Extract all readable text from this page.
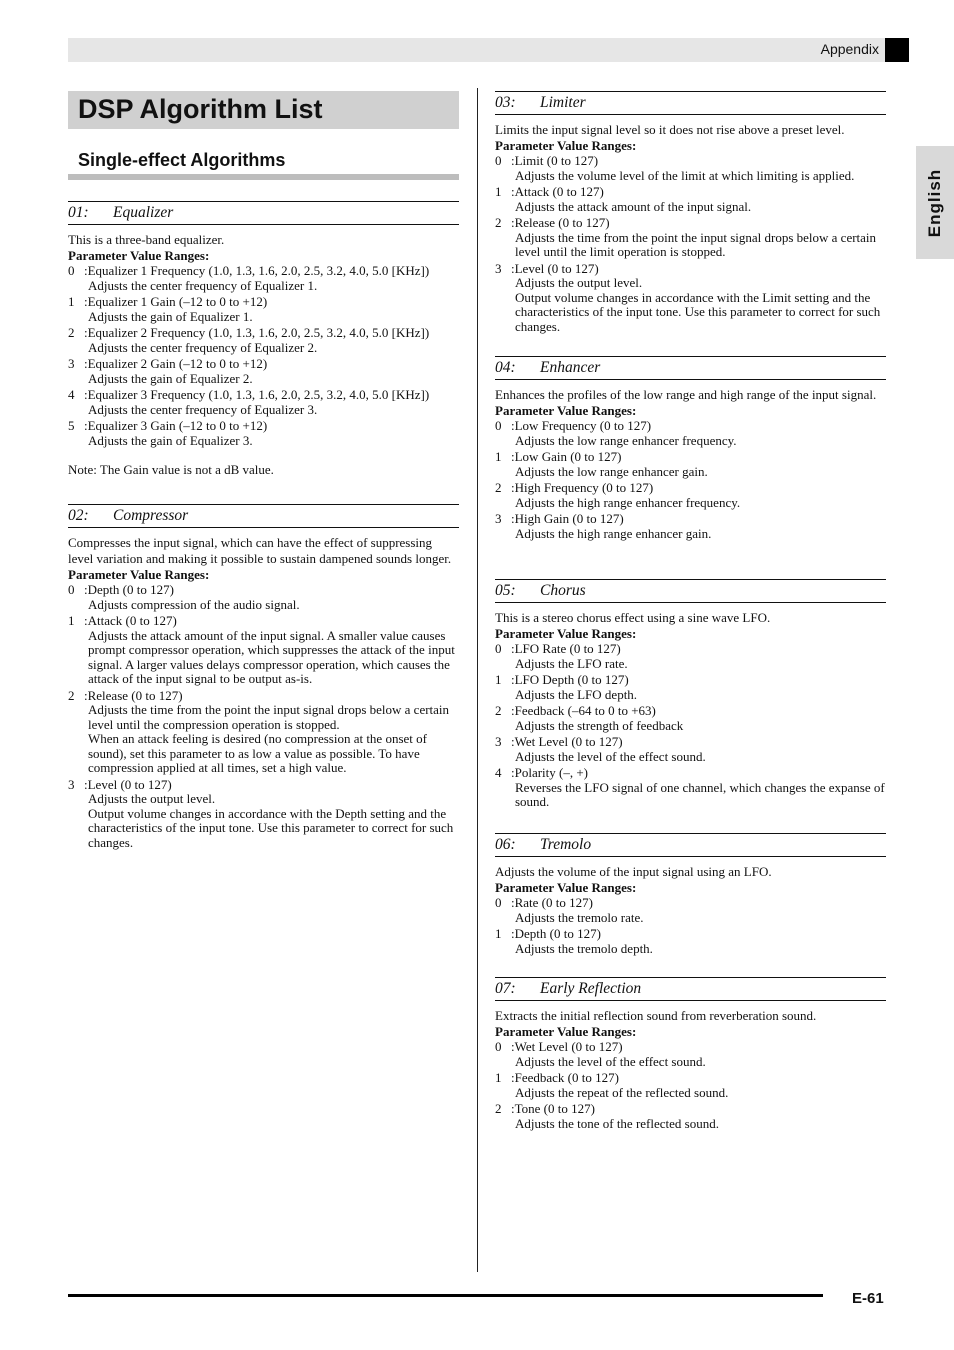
Appendix
English
DSP Algorithm List
Single-effect Algorithms
01: Equalizer
This is a three-band equalizer.
Parameter Value Ranges:
0 :Equalizer 1 Frequency (1.0, 1.3, 1.6, 2.0, 2.5, 3.2, 4.0, 5.0 [KHz])
Adjusts the center frequency of Equalizer 1.
1 :Equalizer 1 Gain (–12 to 0 to +12)
Adjusts the gain of Equalizer 1.
2 :Equalizer 2 Frequency (1.0, 1.3, 1.6, 2.0, 2.5, 3.2, 4.0, 5.0 [KHz])
Adjusts the center frequency of Equalizer 2.
3 :Equalizer 2 Gain (–12 to 0 to +12)
Adjusts the gain of Equalizer 2.
4 :Equalizer 3 Frequency (1.0, 1.3, 1.6, 2.0, 2.5, 3.2, 4.0, 5.0 [KHz])
Adjusts the center frequency of Equalizer 3.
5 :Equalizer 3 Gain (–12 to 0 to +12)
Adjusts the gain of Equalizer 3.
Note: The Gain value is not a dB value.
02: Compressor
Compresses the input signal, which can have the effect of suppressing level variation and making it possible to sustain dampened sounds longer.
Parameter Value Ranges:
0 :Depth (0 to 127)
Adjusts compression of the audio signal.
1 :Attack (0 to 127)
Adjusts the attack amount of the input signal. A smaller value causes prompt compressor operation, which suppresses the attack of the input signal. A larger values delays compressor operation, which causes the attack of the input signal to be output as-is.
2 :Release (0 to 127)
Adjusts the time from the point the input signal drops below a certain level until the compression operation is stopped.
When an attack feeling is desired (no compression at the onset of sound), set this parameter to as low a value as possible. To have compression applied at all times, set a high value.
3 :Level (0 to 127)
Adjusts the output level.
Output volume changes in accordance with the Depth setting and the characteristics of the input tone. Use this parameter to correct for such changes.
03: Limiter
Limits the input signal level so it does not rise above a preset level.
Parameter Value Ranges:
0 :Limit (0 to 127)
Adjusts the volume level of the limit at which limiting is applied.
1 :Attack (0 to 127)
Adjusts the attack amount of the input signal.
2 :Release (0 to 127)
Adjusts the time from the point the input signal drops below a certain level until the limit operation is stopped.
3 :Level (0 to 127)
Adjusts the output level.
Output volume changes in accordance with the Limit setting and the characteristics of the input tone. Use this parameter to correct for such changes.
04: Enhancer
Enhances the profiles of the low range and high range of the input signal.
Parameter Value Ranges:
0 :Low Frequency (0 to 127)
Adjusts the low range enhancer frequency.
1 :Low Gain (0 to 127)
Adjusts the low range enhancer gain.
2 :High Frequency (0 to 127)
Adjusts the high range enhancer frequency.
3 :High Gain (0 to 127)
Adjusts the high range enhancer gain.
05: Chorus
This is a stereo chorus effect using a sine wave LFO.
Parameter Value Ranges:
0 :LFO Rate (0 to 127)
Adjusts the LFO rate.
1 :LFO Depth (0 to 127)
Adjusts the LFO depth.
2 :Feedback (–64 to 0 to +63)
Adjusts the strength of feedback
3 :Wet Level (0 to 127)
Adjusts the level of the effect sound.
4 :Polarity (–, +)
Reverses the LFO signal of one channel, which changes the expanse of sound.
06: Tremolo
Adjusts the volume of the input signal using an LFO.
Parameter Value Ranges:
0 :Rate (0 to 127)
Adjusts the tremolo rate.
1 :Depth (0 to 127)
Adjusts the tremolo depth.
07: Early Reflection
Extracts the initial reflection sound from reverberation sound.
Parameter Value Ranges:
0 :Wet Level (0 to 127)
Adjusts the level of the effect sound.
1 :Feedback (0 to 127)
Adjusts the repeat of the reflected sound.
2 :Tone (0 to 127)
Adjusts the tone of the reflected sound.
E-61
